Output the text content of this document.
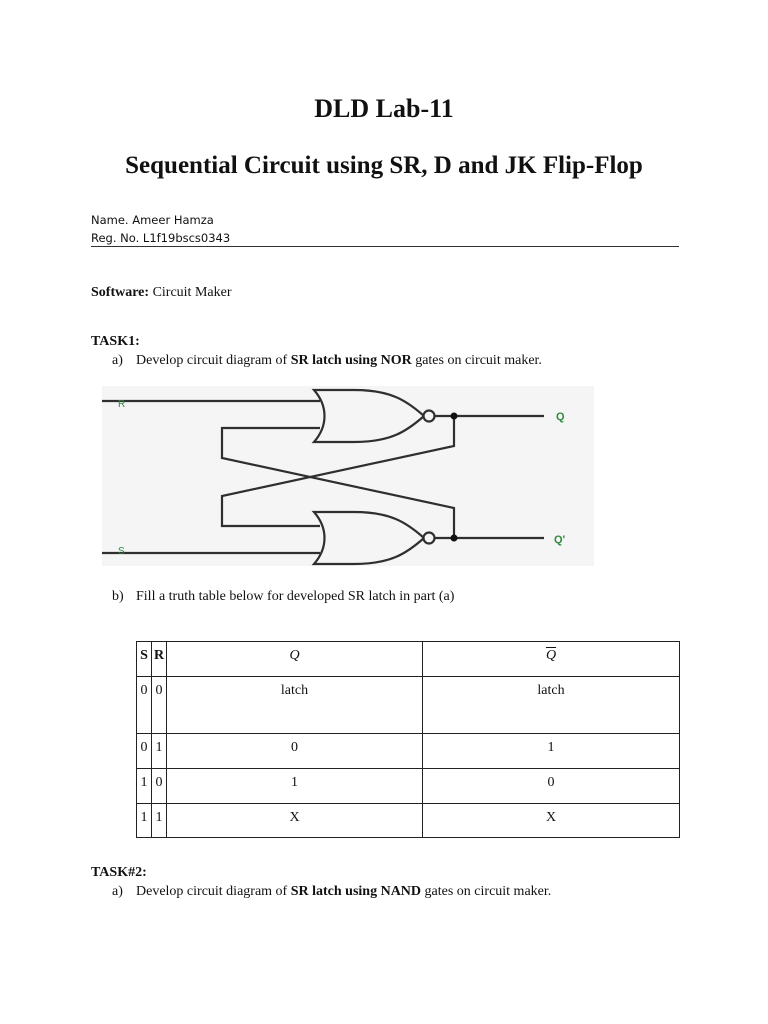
DLD Lab-11
Sequential Circuit using SR, D and JK Flip-Flop
Name. Ameer Hamza
Reg. No. L1f19bscs0343
Software: Circuit Maker
TASK1:
a) Develop circuit diagram of SR latch using NOR gates on circuit maker.
R
S
Q
Q'
b) Fill a truth table below for developed SR latch in part (a)
S	R	Q	$\overline{Q}$
0	0	latch	latch
0	1	0	1
1	0	1	0
1	1	X	X
TASK#2:
a) Develop circuit diagram of SR latch using NAND gates on circuit maker.
